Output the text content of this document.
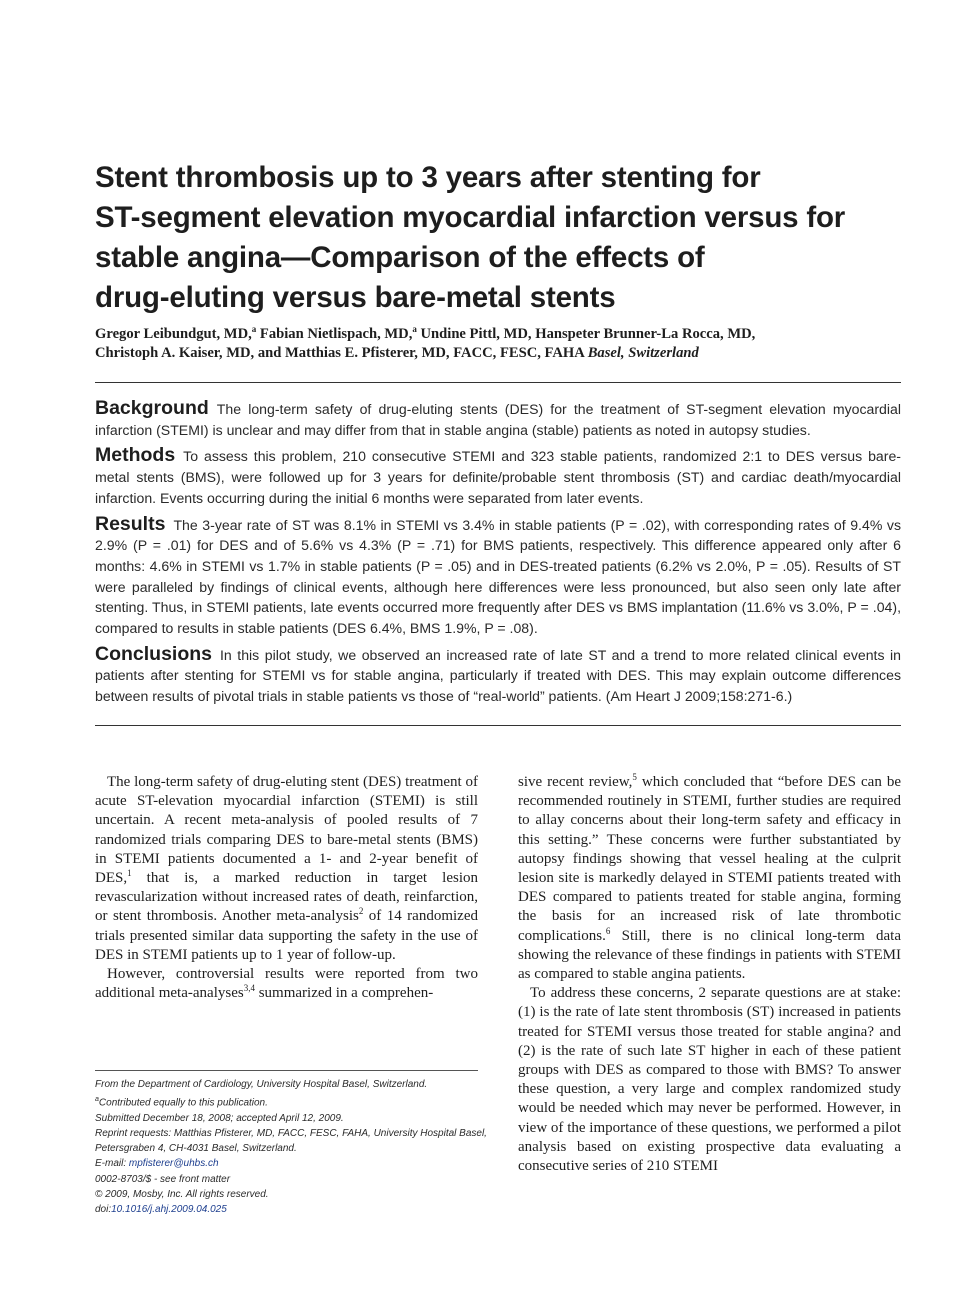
Stent thrombosis up to 3 years after stenting for
ST-segment elevation myocardial infarction versus for
stable angina—Comparison of the effects of
drug-eluting versus bare-metal stents
Gregor Leibundgut, MD,$^a$ Fabian Nietlispach, MD,$^a$ Undine Pittl, MD, Hanspeter Brunner-La Rocca, MD,
Christoph A. Kaiser, MD, and Matthias E. Pfisterer, MD, FACC, FESC, FAHA Basel, Switzerland

Background The long-term safety of drug-eluting stents (DES) for the treatment of ST-segment elevation myocardial infarction (STEMI) is unclear and may differ from that in stable angina (stable) patients as noted in autopsy studies.

Methods To assess this problem, 210 consecutive STEMI and 323 stable patients, randomized 2:1 to DES versus bare-metal stents (BMS), were followed up for 3 years for definite/probable stent thrombosis (ST) and cardiac death/myocardial infarction. Events occurring during the initial 6 months were separated from later events.

Results The 3-year rate of ST was 8.1% in STEMI vs 3.4% in stable patients (P = .02), with corresponding rates of 9.4% vs 2.9% (P = .01) for DES and of 5.6% vs 4.3% (P = .71) for BMS patients, respectively. This difference appeared only after 6 months: 4.6% in STEMI vs 1.7% in stable patients (P = .05) and in DES-treated patients (6.2% vs 2.0%, P = .05). Results of ST were paralleled by findings of clinical events, although here differences were less pronounced, but also seen only late after stenting. Thus, in STEMI patients, late events occurred more frequently after DES vs BMS implantation (11.6% vs 3.0%, P = .04), compared to results in stable patients (DES 6.4%, BMS 1.9%, P = .08).

Conclusions In this pilot study, we observed an increased rate of late ST and a trend to more related clinical events in patients after stenting for STEMI vs for stable angina, particularly if treated with DES. This may explain outcome differences between results of pivotal trials in stable patients vs those of “real-world” patients. (Am Heart J 2009;158:271-6.)

The long-term safety of drug-eluting stent (DES) treatment of acute ST-elevation myocardial infarction (STEMI) is still uncertain. A recent meta-analysis of pooled results of 7 randomized trials comparing DES to bare-metal stents (BMS) in STEMI patients documented a 1- and 2-year benefit of DES,$^1$ that is, a marked reduction in target lesion revascularization without increased rates of death, reinfarction, or stent thrombosis. Another meta-analysis$^2$ of 14 randomized trials presented similar data supporting the safety in the use of DES in STEMI patients up to 1 year of follow-up.

However, controversial results were reported from two additional meta-analyses$^{3,4}$ summarized in a comprehen-

sive recent review,$^5$ which concluded that “before DES can be recommended routinely in STEMI, further studies are required to allay concerns about their long-term safety and efficacy in this setting.” These concerns were further substantiated by autopsy findings showing that vessel healing at the culprit lesion site is markedly delayed in STEMI patients treated with DES compared to patients treated for stable angina, forming the basis for an increased risk of late thrombotic complications.$^6$ Still, there is no clinical long-term data showing the relevance of these findings in patients with STEMI as compared to stable angina patients.

To address these concerns, 2 separate questions are at stake: (1) is the rate of late stent thrombosis (ST) increased in patients treated for STEMI versus those treated for stable angina? and (2) is the rate of such late ST higher in each of these patient groups with DES as compared to those with BMS? To answer these question, a very large and complex randomized study would be needed which may never be performed. However, in view of the importance of these questions, we performed a pilot analysis based on existing prospective data evaluating a consecutive series of 210 STEMI

From the Department of Cardiology, University Hospital Basel, Switzerland.
$^a$Contributed equally to this publication.
Submitted December 18, 2008; accepted April 12, 2009.
Reprint requests: Matthias Pfisterer, MD, FACC, FESC, FAHA, University Hospital Basel,
Petersgraben 4, CH-4031 Basel, Switzerland.
E-mail: mpfisterer@uhbs.ch
0002-8703/$ - see front matter
© 2009, Mosby, Inc. All rights reserved.
doi:10.1016/j.ahj.2009.04.025
